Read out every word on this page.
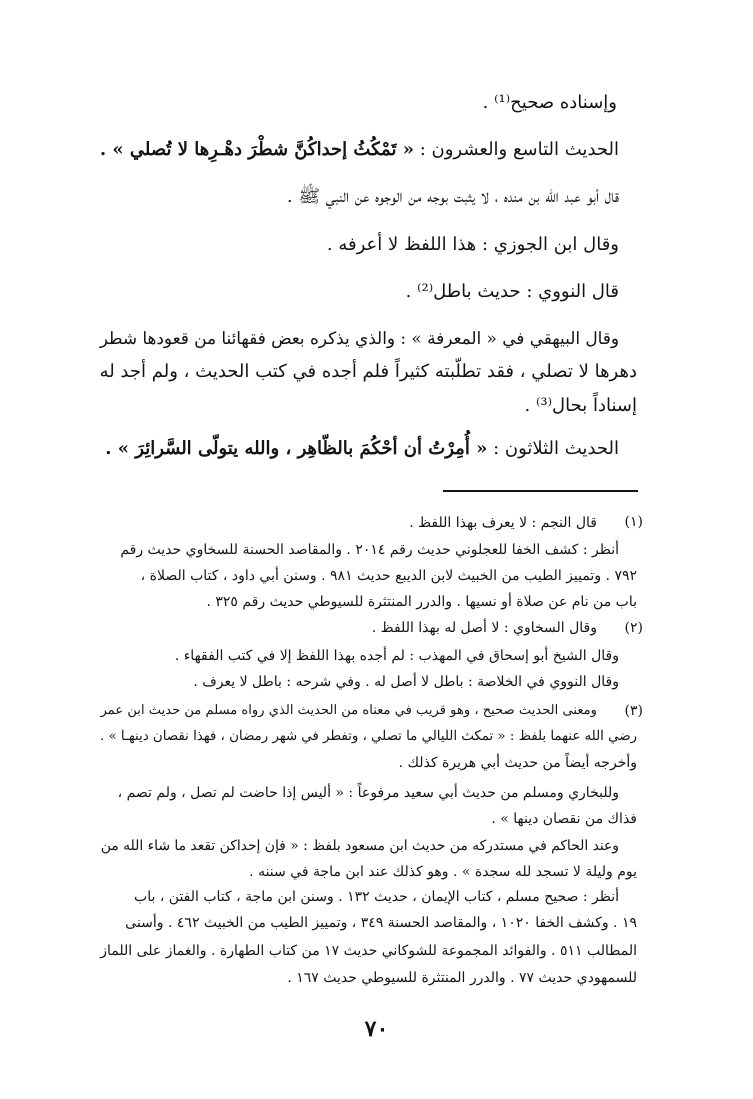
وإسناده صحيح⁽¹⁾ .
الحديث التاسع والعشرون : « تَمْكُثُ إحداكُنَّ شطْرَ دهْـرِها لا تُصلي » .
قال أبو عبد الله بن منده ، لا يثبت بوجه من الوجوه عن النبي ﷺ .
وقال ابن الجوزي : هذا اللفظ لا أعرفه .
قال النووي : حديث باطل⁽²⁾ .
وقال البيهقي في « المعرفة » : والذي يذكره بعض فقهائنا من قعودها شطر
دهرها لا تصلي ، فقد تطلّبته كثيراً فلم أجده في كتب الحديث ، ولم أجد له
إسناداً بحال⁽³⁾ .
الحديث الثلاثون : « أُمِرْتُ أن أحْكُمَ بالظّاهِر ، والله يتولّى السَّرائِرَ » .
(١)
قال النجم : لا يعرف بهذا اللفظ .
أنظر : كشف الخفا للعجلوني حديث رقم ٢٠١٤ . والمقاصد الحسنة للسخاوي حديث رقم
٧٩٢ . وتمييز الطيب من الخبيث لابن الديبع حديث ٩٨١ . وسنن أبي داود ، كتاب الصلاة ،
باب من نام عن صلاة أو نسيها . والدرر المنتثرة للسيوطي حديث رقم ٣٢٥ .
(٢)
وقال السخاوي : لا أصل له بهذا اللفظ .
وقال الشيخ أبو إسحاق في المهذب : لم أجده بهذا اللفظ إلا في كتب الفقهاء .
وقال النووي في الخلاصة : باطل لا أصل له . وفي شرحه : باطل لا يعرف .
(٣)
ومعنى الحديث صحيح ، وهو قريب في معناه من الحديث الذي رواه مسلم من حديث ابن عمر
رضي الله عنهما بلفظ : « تمكث الليالي ما تصلي ، وتفطر في شهر رمضان ، فهذا نقصان دينهـا » .
وأخرجه أيضاً من حديث أبي هريرة كذلك .
وللبخاري ومسلم من حديث أبي سعيد مرفوعاً : « أليس إذا حاضت لم تصل ، ولم تصم ،
فذاك من نقصان دينها » .
وعند الحاكم في مستدركه من حديث ابن مسعود بلفظ : « فإن إحداكن تقعد ما شاء الله من
يوم وليلة لا تسجد لله سجدة » . وهو كذلك عند ابن ماجة في سننه .
أنظر : صحيح مسلم ، كتاب الإيمان ، حديث ١٣٢ . وسنن ابن ماجة ، كتاب الفتن ، باب
١٩ . وكشف الخفا ١٠٢٠ ، والمقاصد الحسنة ٣٤٩ ، وتمييز الطيب من الخبيث ٤٦٢ . وأسنى
المطالب ٥١١ . والفوائد المجموعة للشوكاني حديث ١٧ من كتاب الطهارة . والغماز على اللماز
للسمهودي حديث ٧٧ . والدرر المنتثرة للسيوطي حديث ١٦٧ .
٧٠
